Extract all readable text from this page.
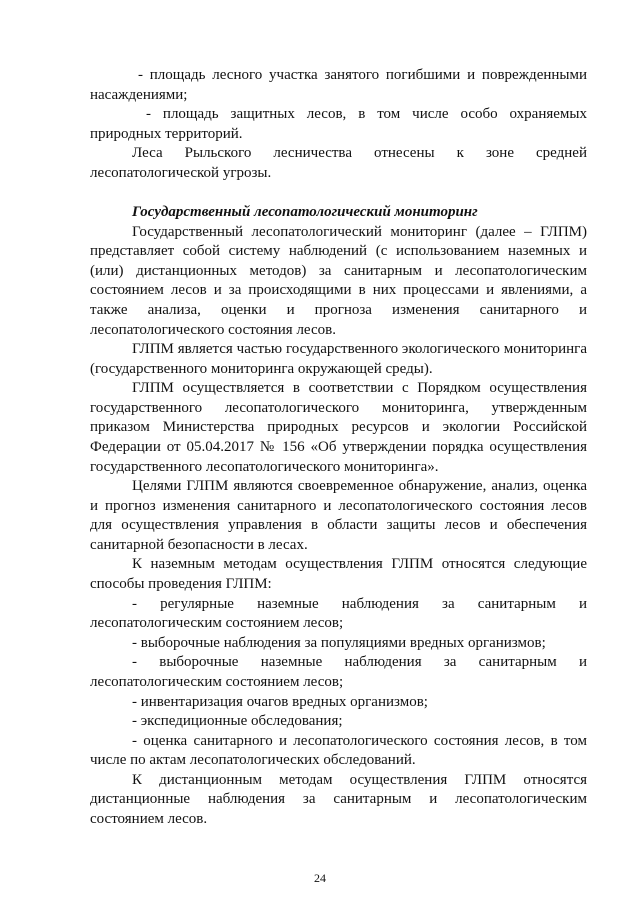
- площадь лесного участка занятого погибшими и поврежденными
насаждениями;
- площадь защитных лесов, в том числе особо охраняемых
природных территорий.
Леса Рыльского лесничества отнесены к зоне средней
лесопатологической угрозы.
Государственный лесопатологический мониторинг
Государственный лесопатологический мониторинг (далее – ГЛПМ)
представляет собой систему наблюдений (с использованием наземных и
(или) дистанционных методов) за санитарным и лесопатологическим
состоянием лесов и за происходящими в них процессами и явлениями, а
также анализа, оценки и прогноза изменения санитарного и
лесопатологического состояния лесов.
ГЛПМ является частью государственного экологического мониторинга
(государственного мониторинга окружающей среды).
ГЛПМ осуществляется в соответствии с Порядком осуществления
государственного лесопатологического мониторинга, утвержденным
приказом Министерства природных ресурсов и экологии Российской
Федерации от 05.04.2017 № 156 «Об утверждении порядка осуществления
государственного лесопатологического мониторинга».
Целями ГЛПМ являются своевременное обнаружение, анализ, оценка
и прогноз изменения санитарного и лесопатологического состояния лесов
для осуществления управления в области защиты лесов и обеспечения
санитарной безопасности в лесах.
К наземным методам осуществления ГЛПМ относятся следующие
способы проведения ГЛПМ:
- регулярные наземные наблюдения за санитарным и
лесопатологическим состоянием лесов;
- выборочные наблюдения за популяциями вредных организмов;
- выборочные наземные наблюдения за санитарным и
лесопатологическим состоянием лесов;
- инвентаризация очагов вредных организмов;
- экспедиционные обследования;
- оценка санитарного и лесопатологического состояния лесов, в том
числе по актам лесопатологических обследований.
К дистанционным методам осуществления ГЛПМ относятся
дистанционные наблюдения за санитарным и лесопатологическим
состоянием лесов.
24
